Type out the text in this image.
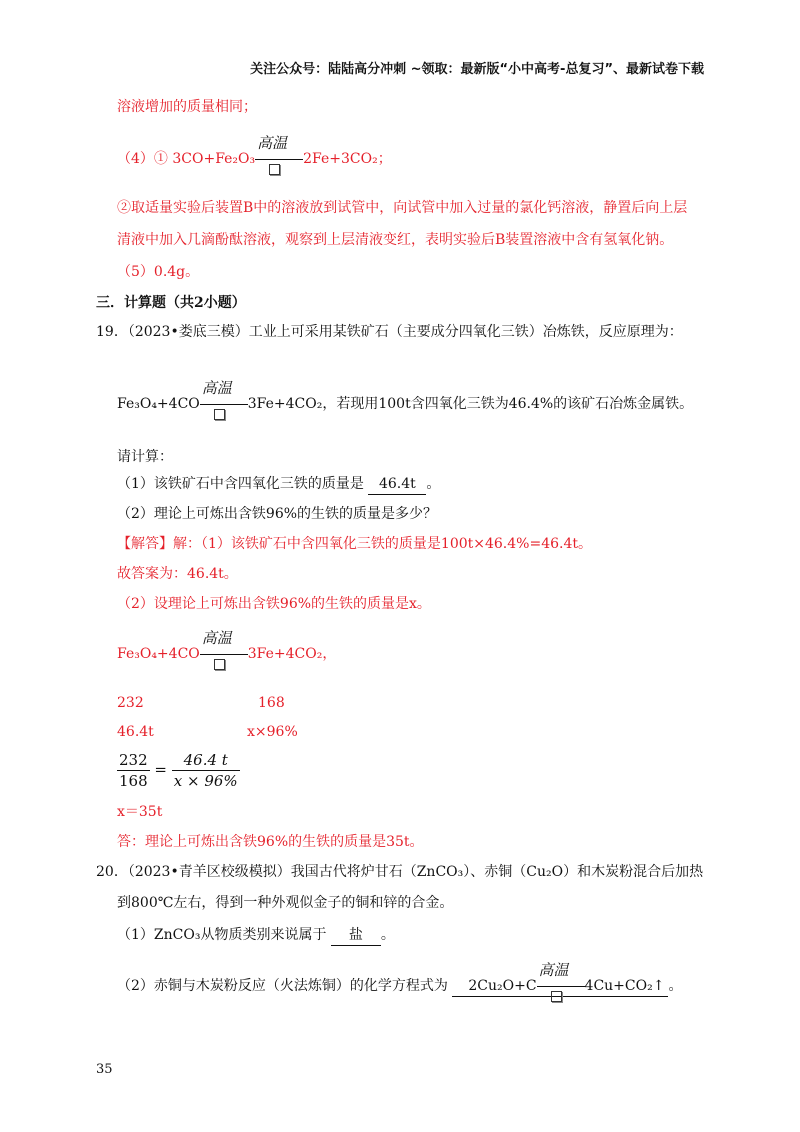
关注公众号：陆陆高分冲刺 ~领取：最新版“小中高考-总复习”、最新试卷下载
溶液增加的质量相同；
（4）① 3CO+Fe₂O₃
高温
2Fe+3CO₂；
②取适量实验后装置B中的溶液放到试管中，向试管中加入过量的氯化钙溶液，静置后向上层
清液中加入几滴酚酞溶液，观察到上层清液变红，表明实验后B装置溶液中含有氢氧化钠。
（5）0.4g。
三．计算题（共2小题）
19．（2023•娄底三模）工业上可采用某铁矿石（主要成分四氧化三铁）冶炼铁，反应原理为：
Fe₃O₄+4CO
高温
3Fe+4CO₂，若现用100t含四氧化三铁为46.4%的该矿石冶炼金属铁。
请计算：
（1）该铁矿石中含四氧化三铁的质量是 46.4t 。
（2）理论上可炼出含铁96%的生铁的质量是多少？
【解答】解：（1）该铁矿石中含四氧化三铁的质量是100t×46.4%=46.4t。
故答案为：46.4t。
（2）设理论上可炼出含铁96%的生铁的质量是x。
Fe₃O₄+4CO
高温
3Fe+4CO₂，
232	168
46.4t	x×96%
$\frac{232}{168} = \frac{46.4 t}{x \times 96\%}$
x＝35t
答：理论上可炼出含铁96%的生铁的质量是35t。
20．（2023•青羊区校级模拟）我国古代将炉甘石（ZnCO₃）、赤铜（Cu₂O）和木炭粉混合后加热
到800℃左右，得到一种外观似金子的铜和锌的合金。
（1）ZnCO₃从物质类别来说属于 盐 。
（2）赤铜与木炭粉反应（火法炼铜）的化学方程式为 2Cu₂O+C
高温
4Cu+CO₂↑ 。
35
